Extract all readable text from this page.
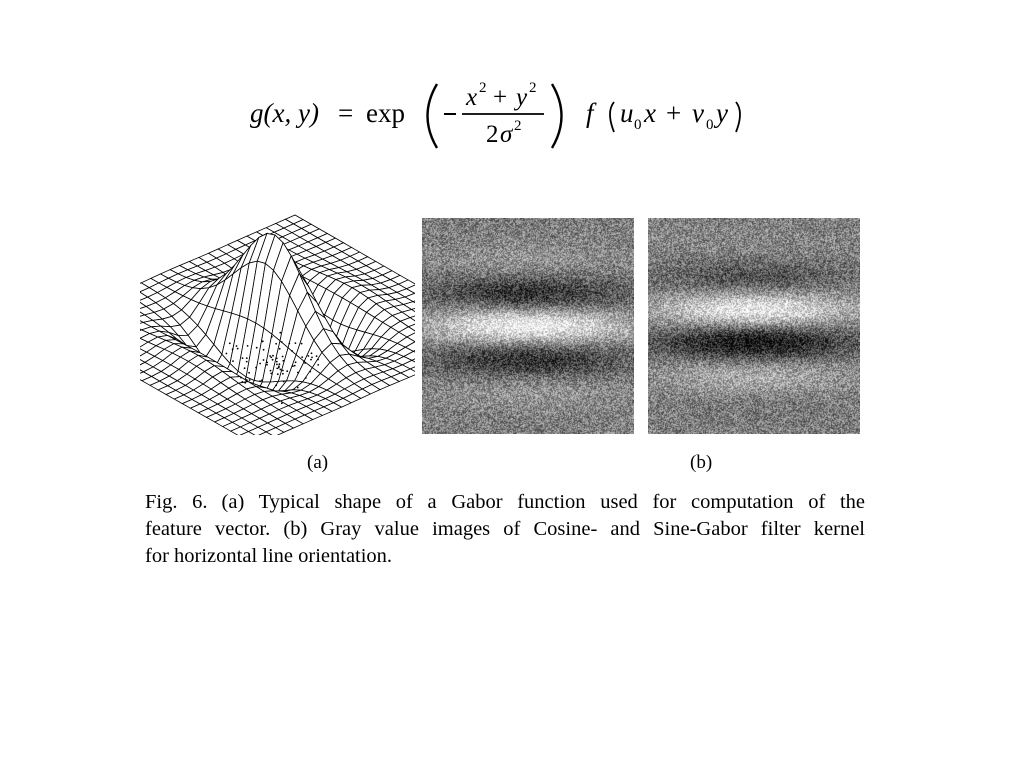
g(x, y) = exp
x 2 + y 2
2 σ 2 f u 0 x + v 0 y
(a)	(b)
Fig. 6. (a) Typical shape of a Gabor function used for computation of the
feature vector. (b) Gray value images of Cosine- and Sine-Gabor filter kernel
for horizontal line orientation.
